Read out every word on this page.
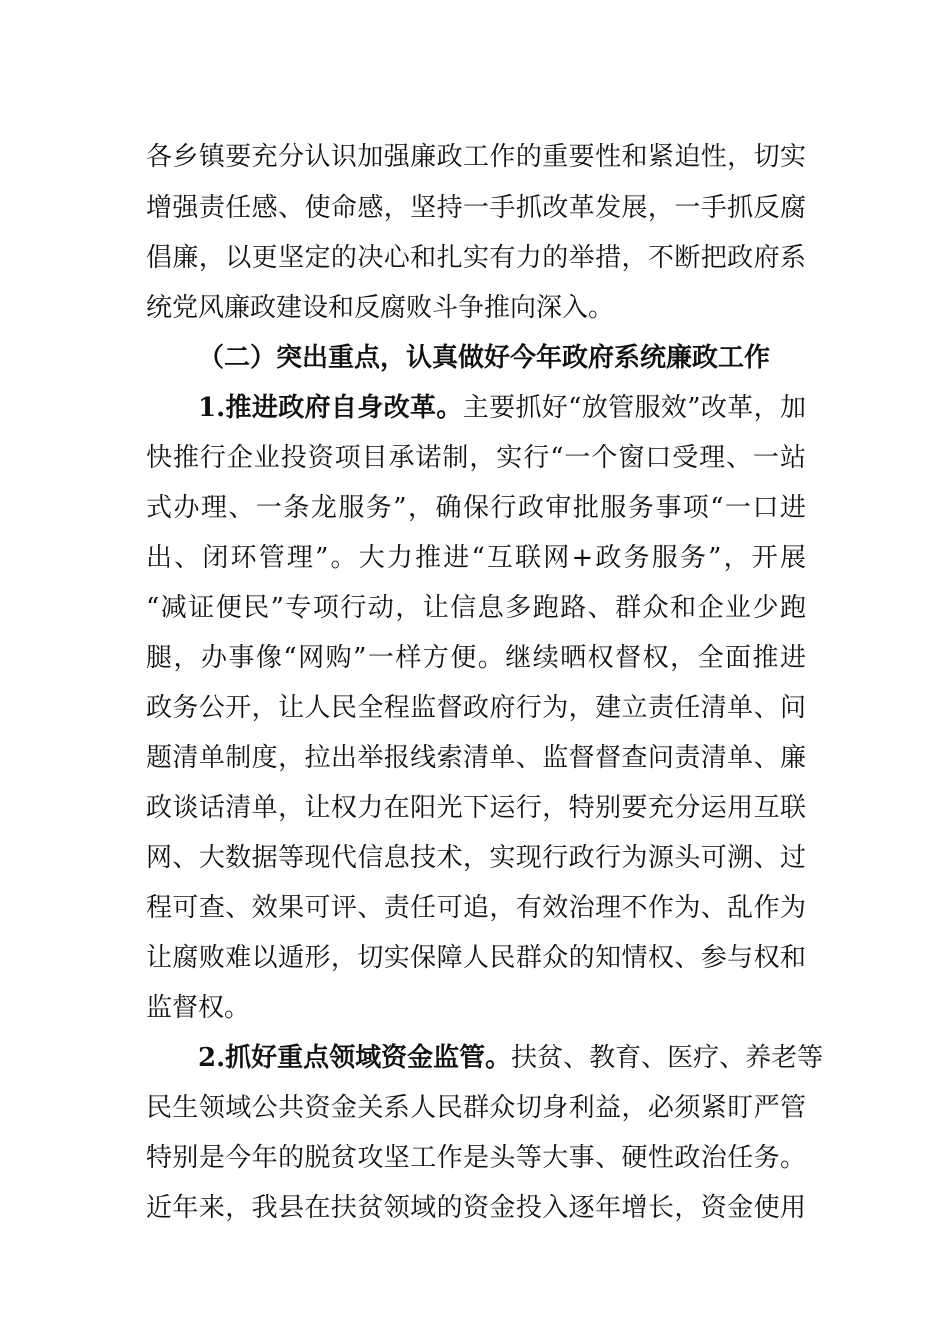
各乡镇要充分认识加强廉政工作的重要性和紧迫性，切实
增强责任感、使命感，坚持一手抓改革发展，一手抓反腐
倡廉，以更坚定的决心和扎实有力的举措，不断把政府系
统党风廉政建设和反腐败斗争推向深入。
（二）突出重点，认真做好今年政府系统廉政工作
1.推进政府自身改革。主要抓好“放管服效”改革，加
快推行企业投资项目承诺制，实行“一个窗口受理、一站
式办理、一条龙服务”，确保行政审批服务事项“一口进
出、闭环管理”。大力推进“互联网+政务服务”，开展
“减证便民”专项行动，让信息多跑路、群众和企业少跑
腿，办事像“网购”一样方便。继续晒权督权，全面推进
政务公开，让人民全程监督政府行为，建立责任清单、问
题清单制度，拉出举报线索清单、监督督查问责清单、廉
政谈话清单，让权力在阳光下运行，特别要充分运用互联
网、大数据等现代信息技术，实现行政行为源头可溯、过
程可查、效果可评、责任可追，有效治理不作为、乱作为
让腐败难以遁形，切实保障人民群众的知情权、参与权和
监督权。
2.抓好重点领域资金监管。扶贫、教育、医疗、养老等
民生领域公共资金关系人民群众切身利益，必须紧盯严管
特别是今年的脱贫攻坚工作是头等大事、硬性政治任务。
近年来，我县在扶贫领域的资金投入逐年增长，资金使用
